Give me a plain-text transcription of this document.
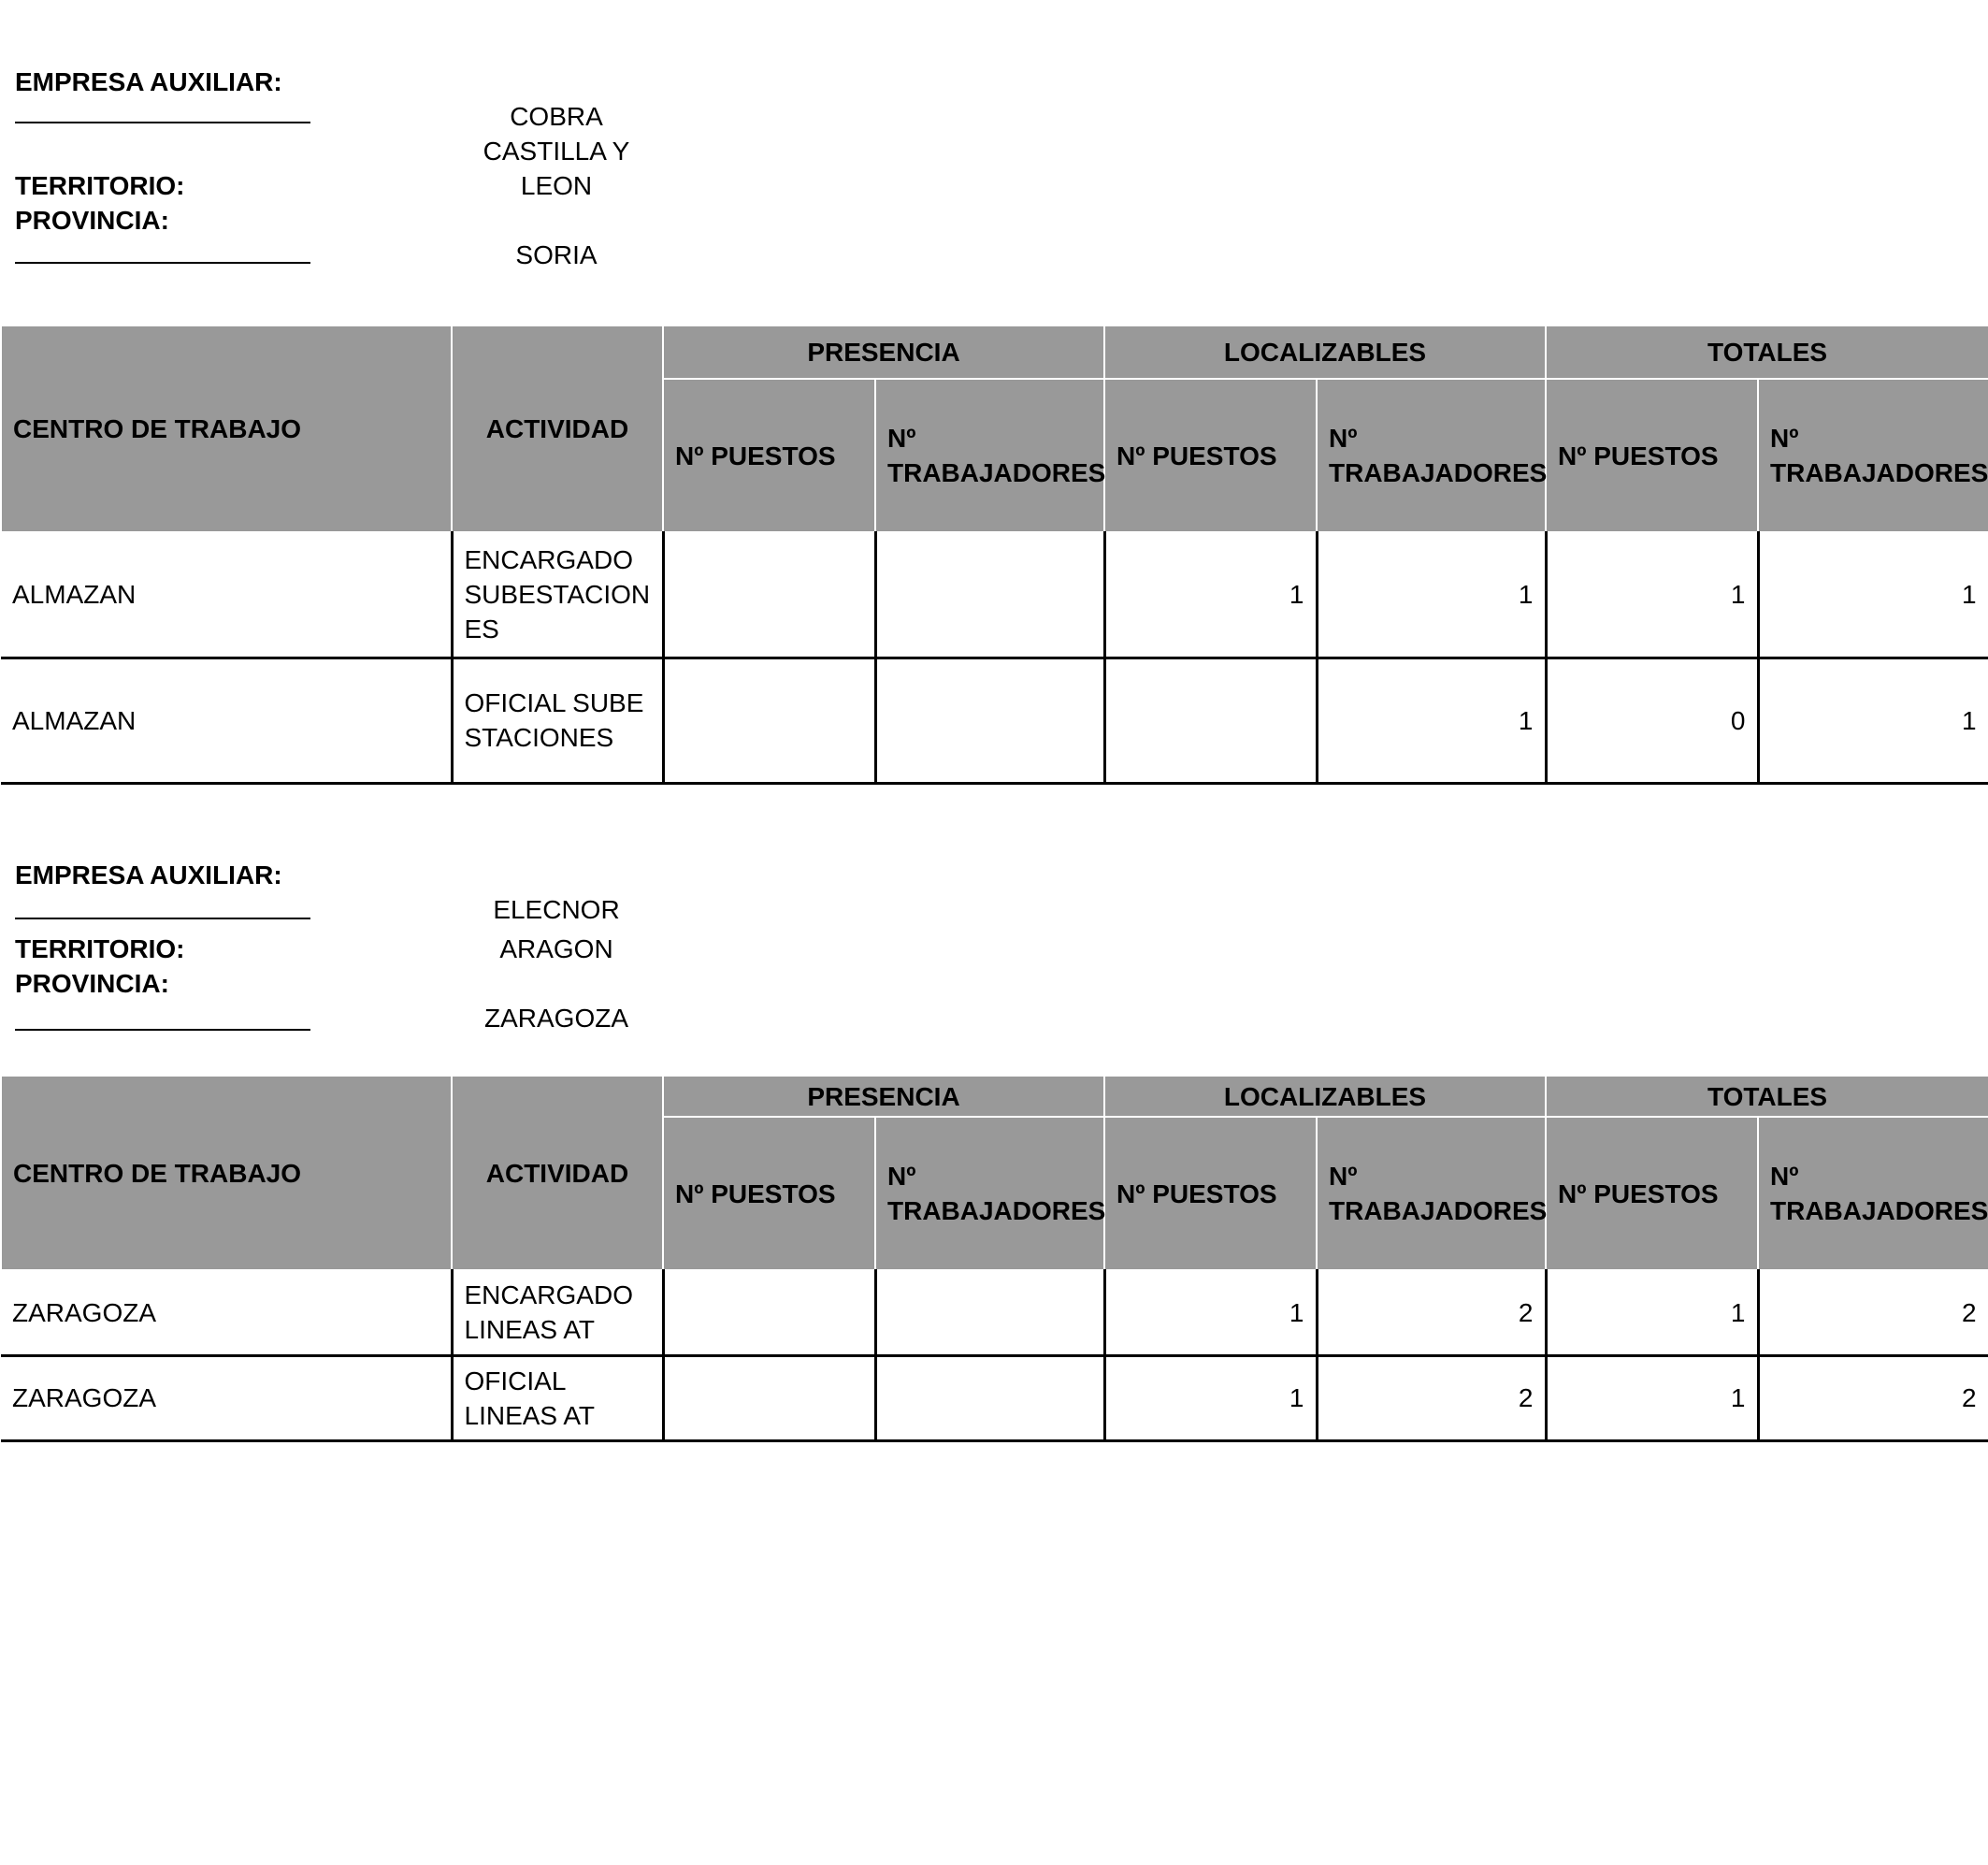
EMPRESA AUXILIAR:
COBRA
CASTILLA Y LEON
TERRITORIO:
PROVINCIA:
SORIA
CENTRO DE TRABAJO	ACTIVIDAD	PRESENCIA		LOCALIZABLES		TOTALES	
		Nº PUESTOS	Nº TRABAJADORES	Nº PUESTOS	Nº TRABAJADORES	Nº PUESTOS	Nº TRABAJADORES
ALMAZAN	ENCARGADO SUBESTACIONES			1	1	1	1
ALMAZAN	OFICIAL SUBESTACIONES				1	0	1
EMPRESA AUXILIAR:
ELECNOR
ARAGON
TERRITORIO:
PROVINCIA:
ZARAGOZA
CENTRO DE TRABAJO	ACTIVIDAD	PRESENCIA		LOCALIZABLES		TOTALES	
		Nº PUESTOS	Nº TRABAJADORES	Nº PUESTOS	Nº TRABAJADORES	Nº PUESTOS	Nº TRABAJADORES
ZARAGOZA	ENCARGADO LINEAS AT			1	2	1	2
ZARAGOZA	OFICIAL LINEAS AT			1	2	1	2
